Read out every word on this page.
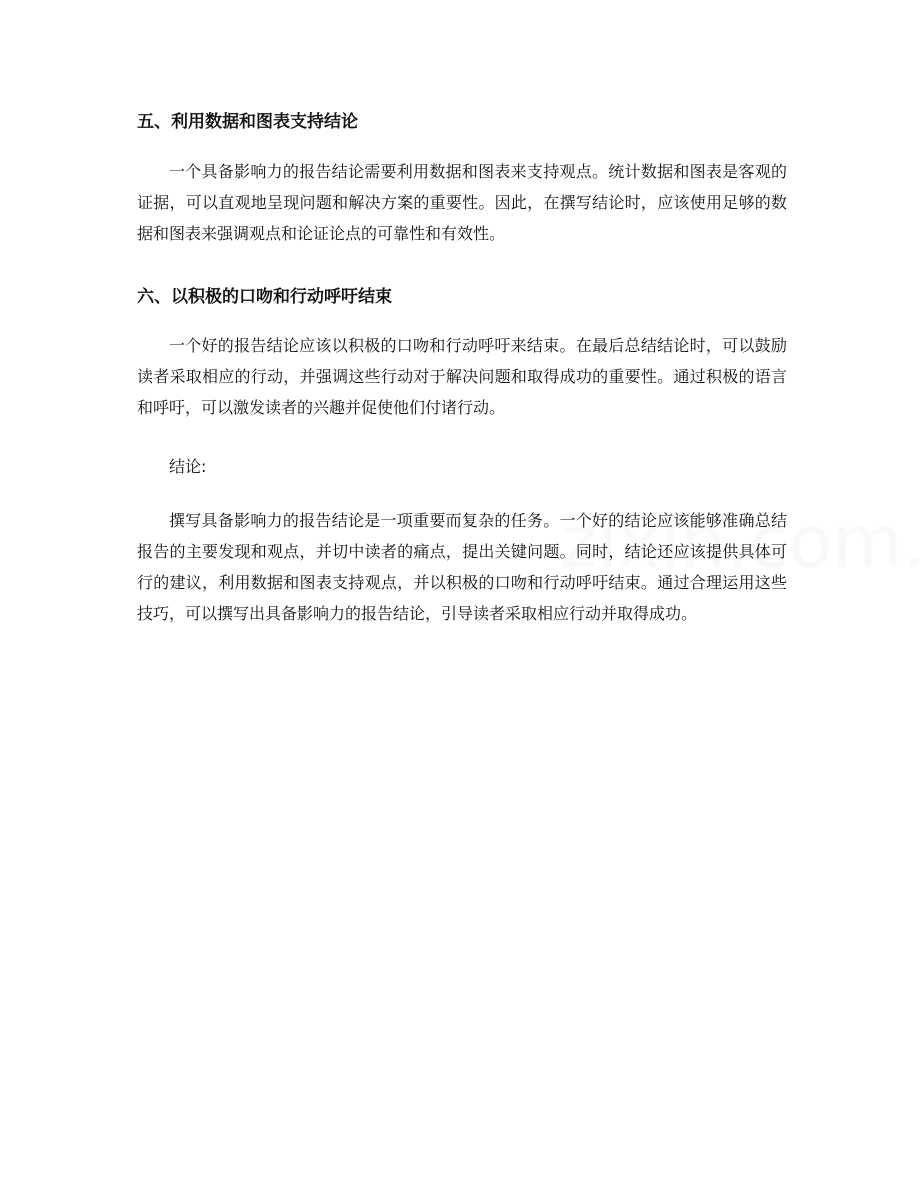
五、利用数据和图表支持结论

一个具备影响力的报告结论需要利用数据和图表来支持观点。统计数据和图表是客观的证据，可以直观地呈现问题和解决方案的重要性。因此，在撰写结论时，应该使用足够的数据和图表来强调观点和论证论点的可靠性和有效性。

六、以积极的口吻和行动呼吁结束

一个好的报告结论应该以积极的口吻和行动呼吁来结束。在最后总结结论时，可以鼓励读者采取相应的行动，并强调这些行动对于解决问题和取得成功的重要性。通过积极的语言和呼吁，可以激发读者的兴趣并促使他们付诸行动。

结论:

撰写具备影响力的报告结论是一项重要而复杂的任务。一个好的结论应该能够准确总结报告的主要发现和观点，并切中读者的痛点，提出关键问题。同时，结论还应该提供具体可行的建议，利用数据和图表支持观点，并以积极的口吻和行动呼吁结束。通过合理运用这些技巧，可以撰写出具备影响力的报告结论，引导读者采取相应行动并取得成功。
